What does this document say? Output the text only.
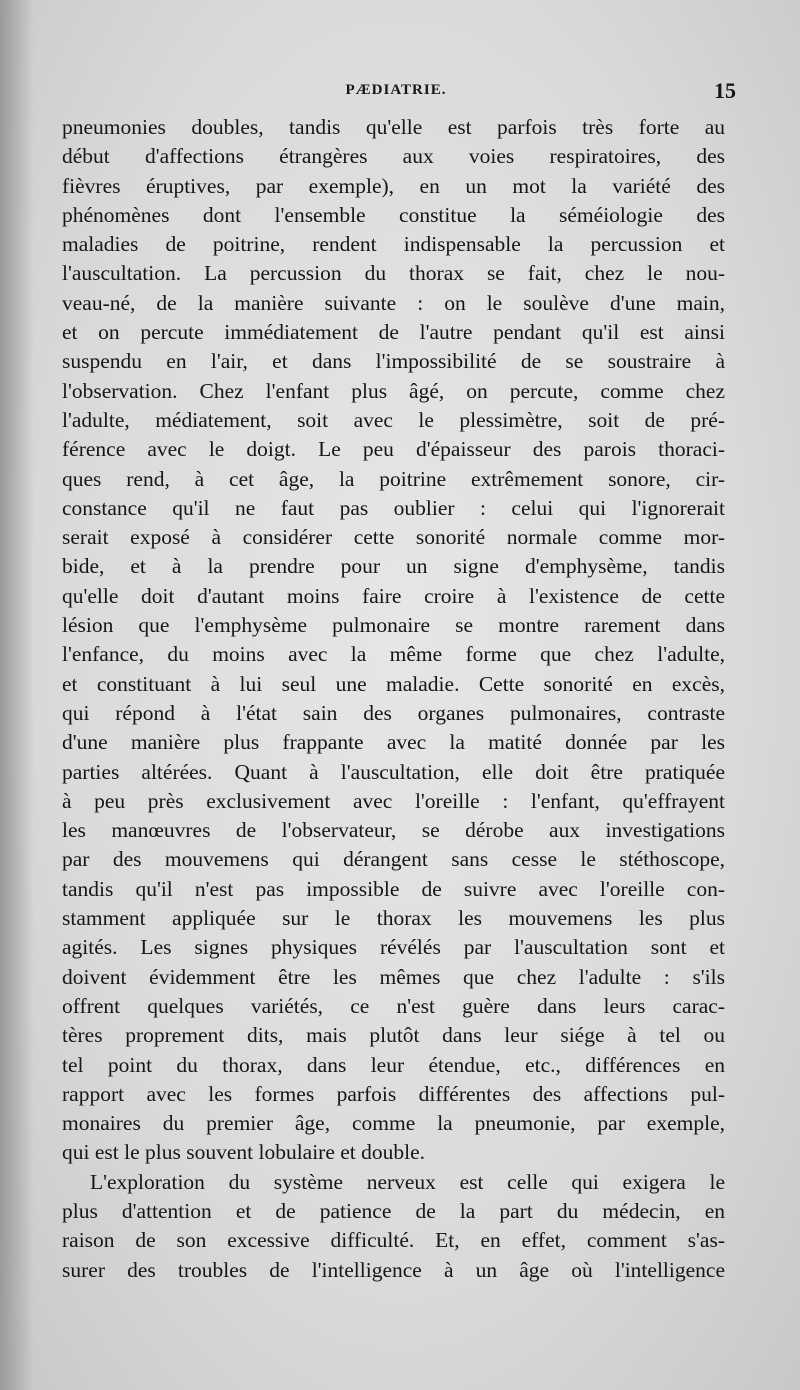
PÆDIATRIE.	15
pneumonies doubles, tandis qu'elle est parfois très forte au
début d'affections étrangères aux voies respiratoires, des
fièvres éruptives, par exemple), en un mot la variété des
phénomènes dont l'ensemble constitue la séméiologie des
maladies de poitrine, rendent indispensable la percussion et
l'auscultation. La percussion du thorax se fait, chez le nou-
veau-né, de la manière suivante : on le soulève d'une main,
et on percute immédiatement de l'autre pendant qu'il est ainsi
suspendu en l'air, et dans l'impossibilité de se soustraire à
l'observation. Chez l'enfant plus âgé, on percute, comme chez
l'adulte, médiatement, soit avec le plessimètre, soit de pré-
férence avec le doigt. Le peu d'épaisseur des parois thoraci-
ques rend, à cet âge, la poitrine extrêmement sonore, cir-
constance qu'il ne faut pas oublier : celui qui l'ignorerait
serait exposé à considérer cette sonorité normale comme mor-
bide, et à la prendre pour un signe d'emphysème, tandis
qu'elle doit d'autant moins faire croire à l'existence de cette
lésion que l'emphysème pulmonaire se montre rarement dans
l'enfance, du moins avec la même forme que chez l'adulte,
et constituant à lui seul une maladie. Cette sonorité en excès,
qui répond à l'état sain des organes pulmonaires, contraste
d'une manière plus frappante avec la matité donnée par les
parties altérées. Quant à l'auscultation, elle doit être pratiquée
à peu près exclusivement avec l'oreille : l'enfant, qu'effrayent
les manœuvres de l'observateur, se dérobe aux investigations
par des mouvemens qui dérangent sans cesse le stéthoscope,
tandis qu'il n'est pas impossible de suivre avec l'oreille con-
stamment appliquée sur le thorax les mouvemens les plus
agités. Les signes physiques révélés par l'auscultation sont et
doivent évidemment être les mêmes que chez l'adulte : s'ils
offrent quelques variétés, ce n'est guère dans leurs carac-
tères proprement dits, mais plutôt dans leur siége à tel ou
tel point du thorax, dans leur étendue, etc., différences en
rapport avec les formes parfois différentes des affections pul-
monaires du premier âge, comme la pneumonie, par exemple,
qui est le plus souvent lobulaire et double.
L'exploration du système nerveux est celle qui exigera le
plus d'attention et de patience de la part du médecin, en
raison de son excessive difficulté. Et, en effet, comment s'as-
surer des troubles de l'intelligence à un âge où l'intelligence
